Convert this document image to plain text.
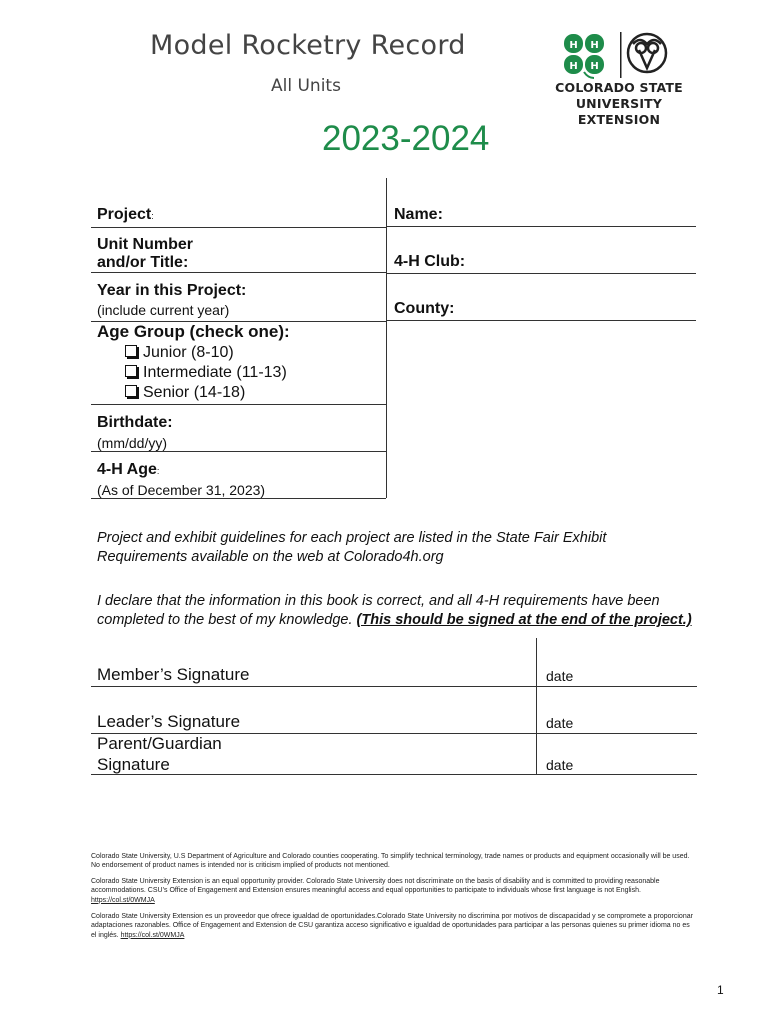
Model Rocketry Record
All Units
H H
H H
COLORADO STATE UNIVERSITY
EXTENSION
2023-2024
Project:
Unit Number
and/or Title:
Year in this Project:
(include current year)
Age Group (check one):
Junior (8-10)
Intermediate (11-13)
Senior (14-18)
Birthdate:
(mm/dd/yy)
4-H Age:
(As of December 31, 2023)
Name:
4-H Club:
County:
Project and exhibit guidelines for each project are listed in the State Fair Exhibit Requirements available on the web at Colorado4h.org
I declare that the information in this book is correct, and all 4-H requirements have been completed to the best of my knowledge. (This should be signed at the end of the project.)
Member’s Signature
Leader’s Signature
Parent/Guardian
Signature
date
date
date
Colorado State University, U.S Department of Agriculture and Colorado counties cooperating. To simplify technical terminology, trade names or products and equipment occasionally will be used. No endorsement of product names is intended nor is criticism implied of products not mentioned.
Colorado State University Extension is an equal opportunity provider. Colorado State University does not discriminate on the basis of disability and is committed to providing reasonable accommodations. CSU’s Office of Engagement and Extension ensures meaningful access and equal opportunities to participate to individuals whose first language is not English. https://col.st/0WMJA
Colorado State University Extension es un proveedor que ofrece igualdad de oportunidades.Colorado State University no discrimina por motivos de discapacidad y se compromete a proporcionar adaptaciones razonables. Office of Engagement and Extension de CSU garantiza acceso significativo e igualdad de oportunidades para participar a las personas quienes su primer idioma no es el inglés. https://col.st/0WMJA
1
